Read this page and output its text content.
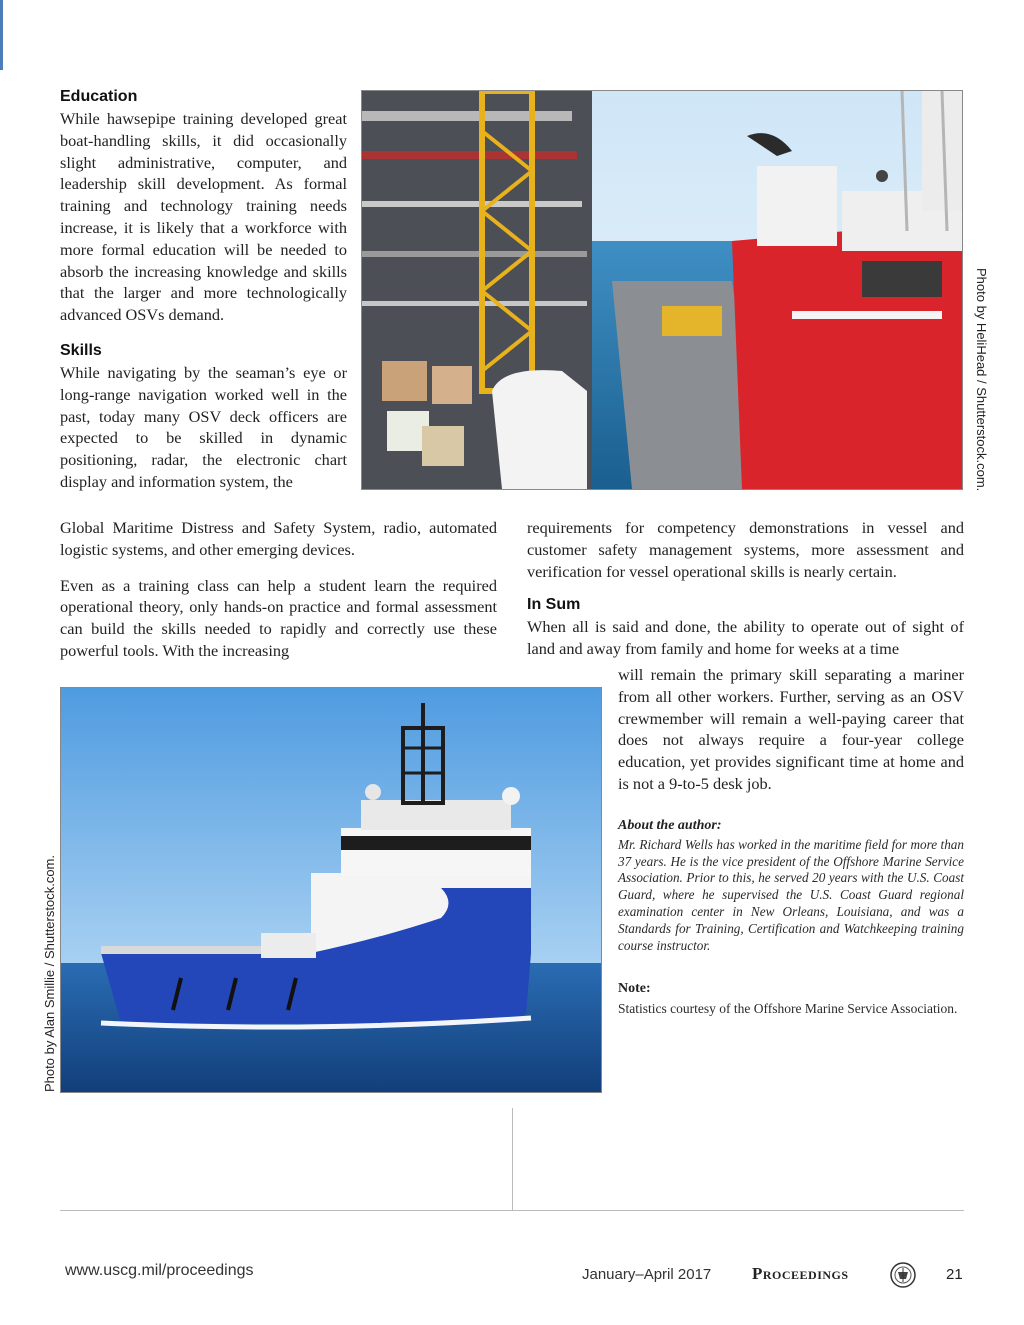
Education

While hawsepipe training developed great boat-handling skills, it did occasionally slight administrative, computer, and leadership skill development. As formal training and technology training needs increase, it is likely that a workforce with more formal education will be needed to absorb the increasing knowledge and skills that the larger and more technologically advanced OSVs demand.

Skills

While navigating by the seaman’s eye or long-range navigation worked well in the past, today many OSV deck officers are expected to be skilled in dynamic positioning, radar, the electronic chart display and information system, the	Photo by HeliHead / Shutterstock.com.

Global Maritime Distress and Safety System, radio, automated logistic systems, and other emerging devices.

Even as a training class can help a student learn the required operational theory, only hands-on practice and formal assessment can build the skills needed to rapidly and correctly use these powerful tools. With the increasing

requirements for competency demonstrations in vessel and customer safety management systems, more assessment and verification for vessel operational skills is nearly certain.

In Sum

When all is said and done, the ability to operate out of sight of land and away from family and home for weeks at a time

will remain the primary skill separating a mariner from all other workers. Further, serving as an OSV crewmember will remain a well-paying career that does not always require a four-year college education, yet provides significant time at home and is not a 9-to-5 desk job.

Photo by Alan Smillie / Shutterstock.com.
About the author:
Mr. Richard Wells has worked in the maritime field for more than 37 years. He is the vice president of the Offshore Marine Service Association. Prior to this, he served 20 years with the U.S. Coast Guard, where he supervised the U.S. Coast Guard regional examination center in New Orleans, Louisiana, and was a Standards for Training, Certification and Watchkeeping training course instructor.
Note:
Statistics courtesy of the Offshore Marine Service Association.
www.uscg.mil/proceedings	January–April 2017 Proceedings	21
